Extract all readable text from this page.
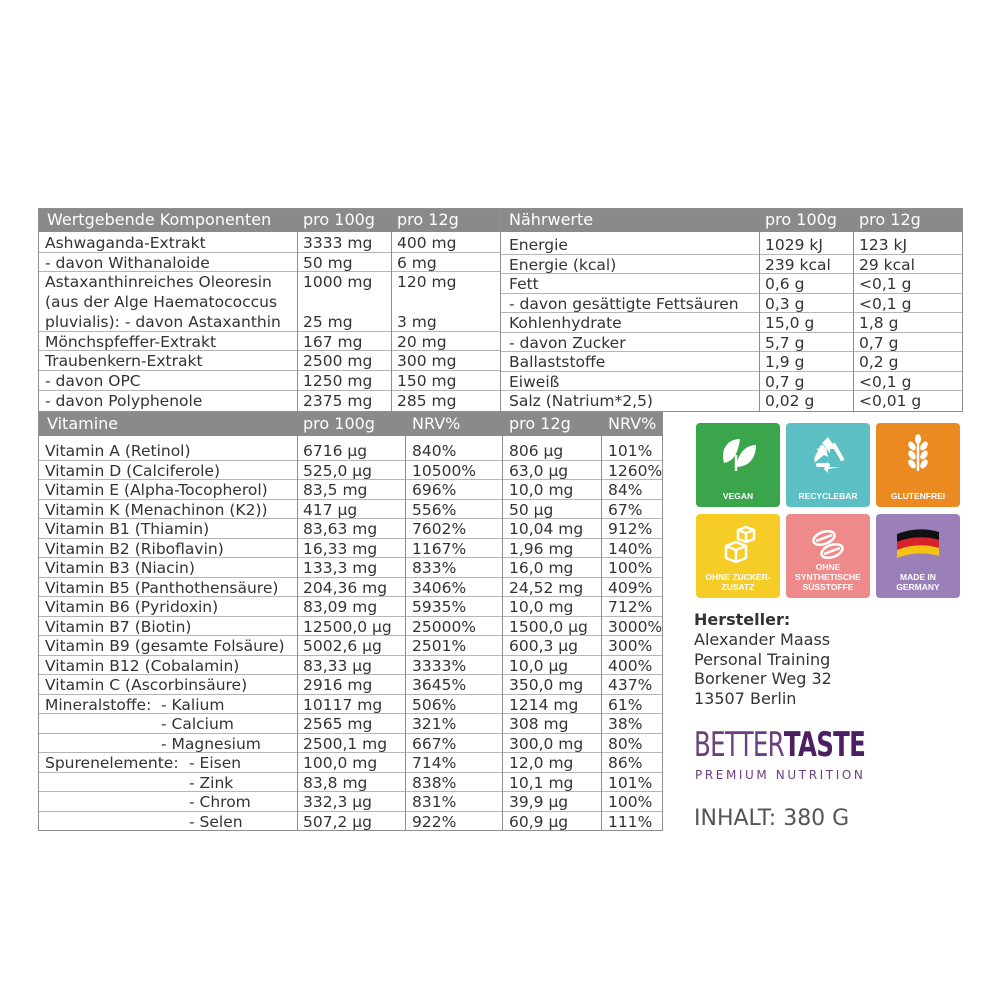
Wertgebende Komponenten pro 100g pro 12g
Ashwaganda-Extrakt	3333 mg 400 mg
- davon Withanaloide	50 mg	6 mg
Astaxanthinreiches Oleoresin 1000 mg 120 mg
(aus der Alge Haematococcus
pluvialis): - davon Astaxanthin 25 mg	3 mg
Mönchspfeffer-Extrakt	167 mg 20 mg
Traubenkern-Extrakt	2500 mg 300 mg
- davon OPC	1250 mg 150 mg
- davon Polyphenole	2375 mg 285 mg
Nährwerte	pro 100g pro 12g
Energie	1029 kJ 123 kJ
Energie (kcal)	239 kcal 29 kcal
Fett	0,6 g	<0,1 g
- davon gesättigte Fettsäuren 0,3 g	<0,1 g
Kohlenhydrate	15,0 g	1,8 g
- davon Zucker	5,7 g	0,7 g
Ballaststoffe	1,9 g	0,2 g
Eiweiß	0,7 g	<0,1 g
Salz (Natrium*2,5)	0,02 g	<0,01 g
Vitamine	pro 100g NRV%	pro 12g NRV%
Vitamin A (Retinol)	6716 µg	840%	806 µg	101%
Vitamin D (Calciferole)	525,0 µg	10500% 63,0 µg	1260%
Vitamin E (Alpha-Tocopherol) 83,5 mg	696%	10,0 mg 84%
Vitamin K (Menachinon (K2)) 417 µg	556%	50 µg	67%
Vitamin B1 (Thiamin)	83,63 mg 7602%	10,04 mg 912%
Vitamin B2 (Riboflavin)	16,33 mg 1167%	1,96 mg 140%
Vitamin B3 (Niacin)	133,3 mg 833%	16,0 mg 100%
Vitamin B5 (Panthothensäure) 204,36 mg 3406%	24,52 mg 409%
Vitamin B6 (Pyridoxin)	83,09 mg 5935%	10,0 mg 712%
Vitamin B7 (Biotin)	12500,0 µg 25000% 1500,0 µg 3000%
Vitamin B9 (gesamte Folsäure) 5002,6 µg 2501%	600,3 µg 300%
Vitamin B12 (Cobalamin)	83,33 µg	3333%	10,0 µg	400%
Vitamin C (Ascorbinsäure)	2916 mg	3645%	350,0 mg 437%
Mineralstoffe: - Kalium	10117 mg 506%	1214 mg 61%
- Calcium	2565 mg	321%	308 mg	38%
- Magnesium	2500,1 mg 667%	300,0 mg 80%
Spurenelemente: - Eisen	100,0 mg 714%	12,0 mg 86%
- Zink	83,8 mg	838%	10,1 mg 101%
- Chrom	332,3 µg	831%	39,9 µg	100%
- Selen	507,2 µg	922%	60,9 µg	111%
VEGAN	RECYCLEBAR	GLUTENFREI
OHNE ZUCKER-ZUSATZ
OHNE SYNTHETISCHE SÜSSTOFFE
MADE IN GERMANY
Hersteller:
Alexander Maass
Personal Training
Borkener Weg 32
13507 Berlin
BETTERTASTE
PREMIUM NUTRITION
INHALT: 380 G
